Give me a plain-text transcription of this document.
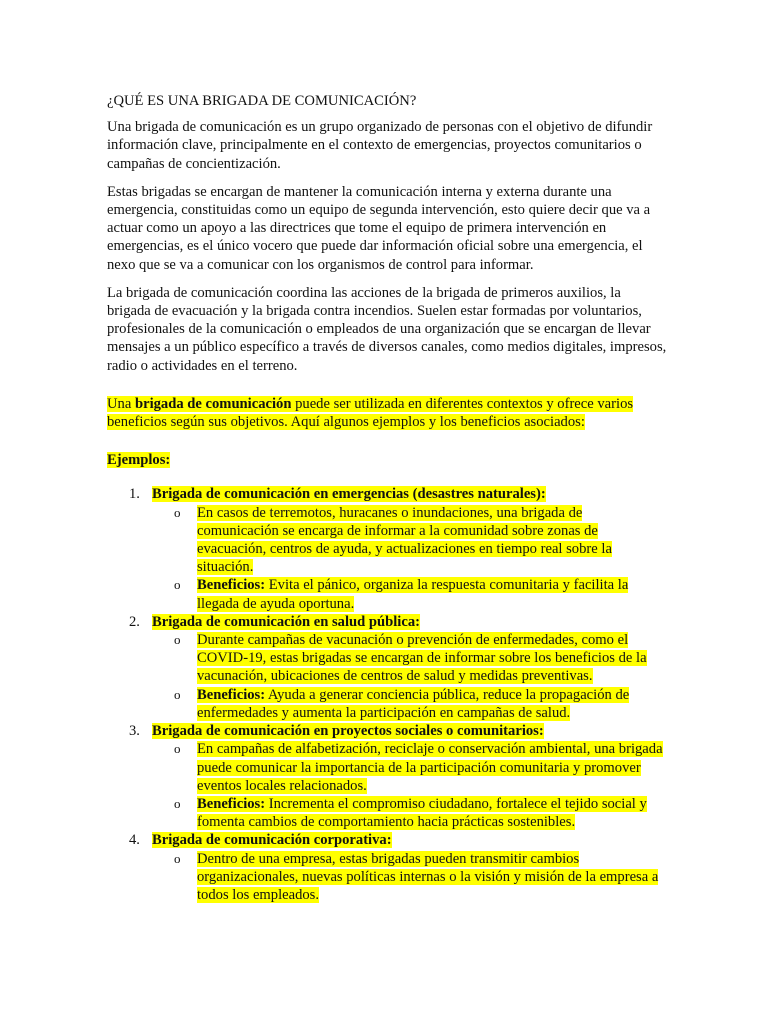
¿QUÉ ES UNA BRIGADA DE COMUNICACIÓN?

Una brigada de comunicación es un grupo organizado de personas con el objetivo de difundir información clave, principalmente en el contexto de emergencias, proyectos comunitarios o campañas de concientización.

Estas brigadas se encargan de mantener la comunicación interna y externa durante una emergencia, constituidas como un equipo de segunda intervención, esto quiere decir que va a actuar como un apoyo a las directrices que tome el equipo de primera intervención en emergencias, es el único vocero que puede dar información oficial sobre una emergencia, el nexo que se va a comunicar con los organismos de control para informar.

La brigada de comunicación coordina las acciones de la brigada de primeros auxilios, la brigada de evacuación y la brigada contra incendios. Suelen estar formadas por voluntarios, profesionales de la comunicación o empleados de una organización que se encargan de llevar mensajes a un público específico a través de diversos canales, como medios digitales, impresos, radio o actividades en el terreno.

Una brigada de comunicación puede ser utilizada en diferentes contextos y ofrece varios beneficios según sus objetivos. Aquí algunos ejemplos y los beneficios asociados:

Ejemplos:

1. Brigada de comunicación en emergencias (desastres naturales):
o En casos de terremotos, huracanes o inundaciones, una brigada de comunicación se encarga de informar a la comunidad sobre zonas de evacuación, centros de ayuda, y actualizaciones en tiempo real sobre la situación.
o Beneficios: Evita el pánico, organiza la respuesta comunitaria y facilita la llegada de ayuda oportuna.
2. Brigada de comunicación en salud pública:
o Durante campañas de vacunación o prevención de enfermedades, como el COVID-19, estas brigadas se encargan de informar sobre los beneficios de la vacunación, ubicaciones de centros de salud y medidas preventivas.
o Beneficios: Ayuda a generar conciencia pública, reduce la propagación de enfermedades y aumenta la participación en campañas de salud.
3. Brigada de comunicación en proyectos sociales o comunitarios:
o En campañas de alfabetización, reciclaje o conservación ambiental, una brigada puede comunicar la importancia de la participación comunitaria y promover eventos locales relacionados.
o Beneficios: Incrementa el compromiso ciudadano, fortalece el tejido social y fomenta cambios de comportamiento hacia prácticas sostenibles.
4. Brigada de comunicación corporativa:
o Dentro de una empresa, estas brigadas pueden transmitir cambios organizacionales, nuevas políticas internas o la visión y misión de la empresa a todos los empleados.
